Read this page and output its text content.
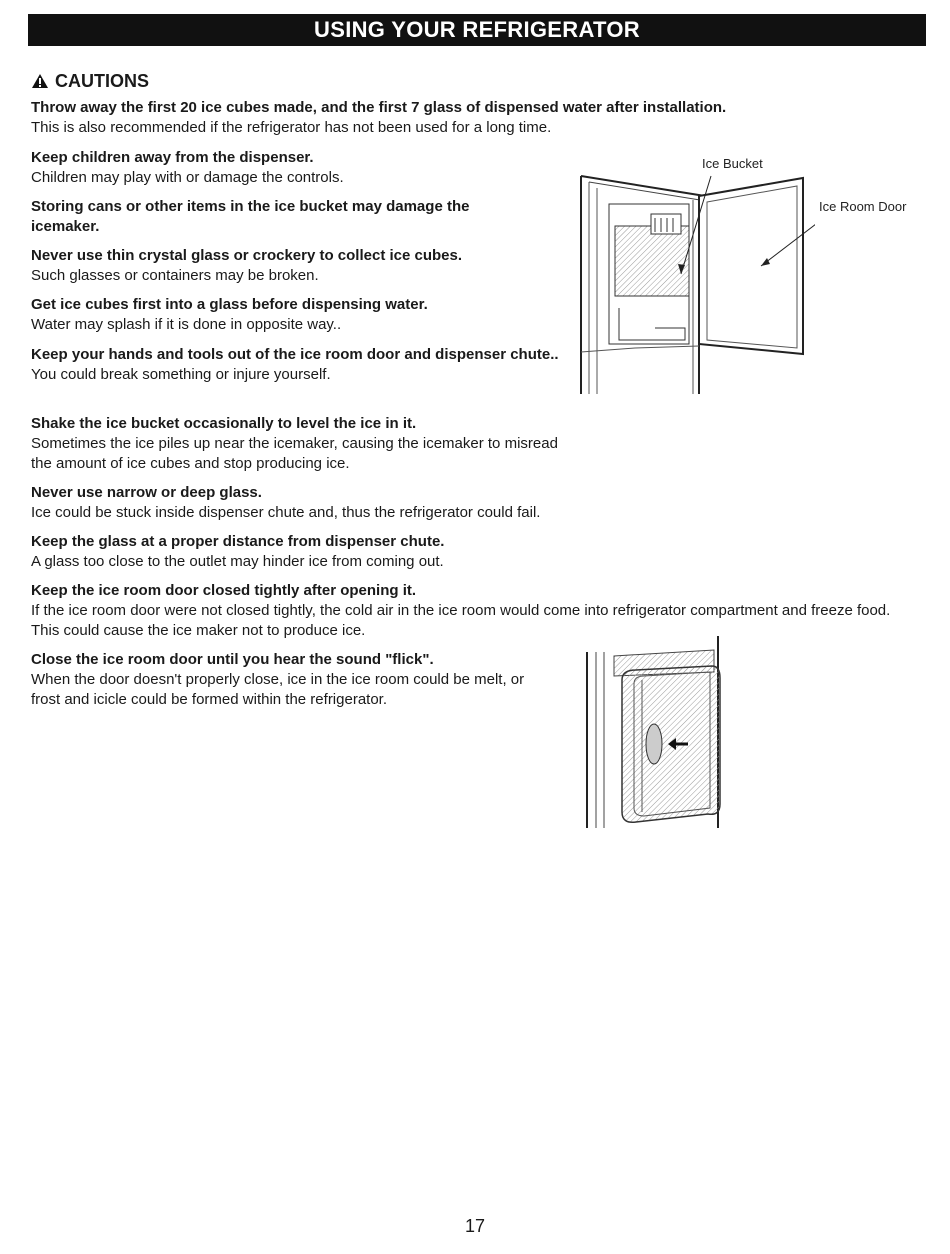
USING YOUR REFRIGERATOR
CAUTIONS
Throw away the first 20 ice cubes made, and the first 7 glass of dispensed water after installation.
This is also recommended if the refrigerator has not been used for a long time.
Keep children away from the dispenser.
Children may play with or damage the controls.
Storing cans or other items in the ice bucket may damage the icemaker.
Never use thin crystal glass or crockery to collect ice cubes.
Such glasses or containers may be broken.
Get ice cubes first into a glass before dispensing water.
Water may splash if it is done in opposite way..
Keep your hands and tools out of the ice room door and dispenser chute..
You could break something or injure yourself.
Shake the ice bucket occasionally to level the ice in it.
Sometimes the ice piles up near the icemaker, causing the icemaker to misread the amount of ice cubes and stop producing ice.
Never use narrow or deep glass.
Ice could be stuck inside dispenser chute and, thus the refrigerator could fail.
Keep the glass at a proper distance from dispenser chute.
A glass too close to the outlet may hinder ice from coming out.
Keep the ice room door closed tightly after opening it.
If the ice room door were not closed tightly, the cold air in the ice room would come into refrigerator compartment and freeze food. This could cause the ice maker not to produce ice.
Close the ice room door until you hear the sound "flick".
When the door doesn't properly close, ice in the ice room could be melt, or frost and icicle could be formed within the refrigerator.
Ice Bucket
Ice Room Door
17
